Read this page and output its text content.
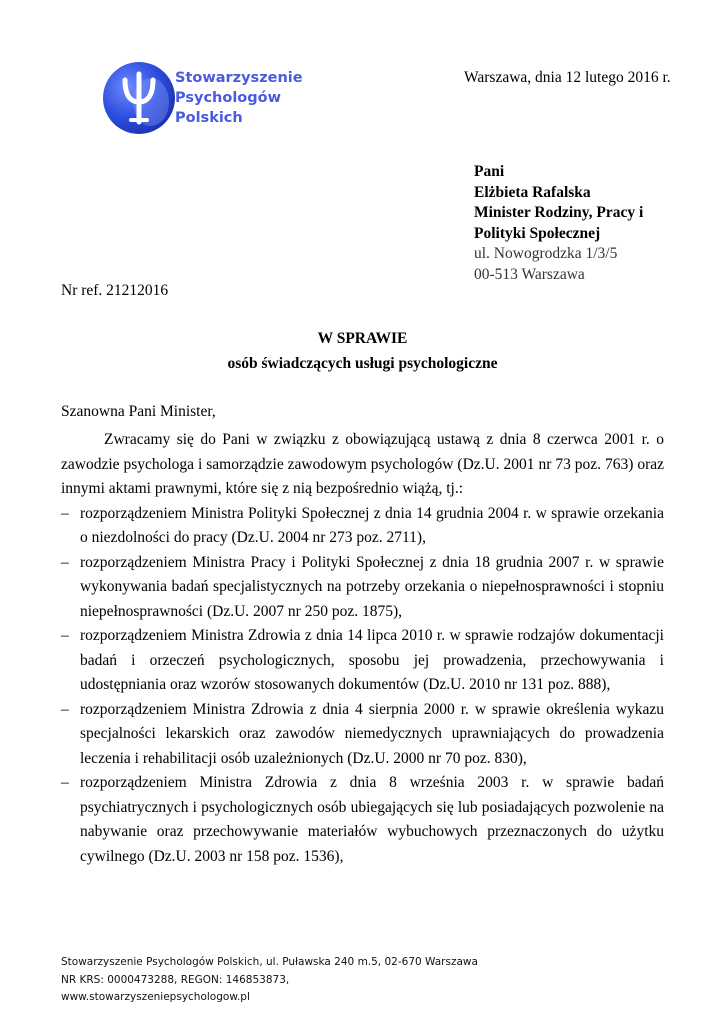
Stowarzyszenie
Psychologów
Polskich
Warszawa, dnia 12 lutego 2016 r.
Pani
Elżbieta Rafalska
Minister Rodziny, Pracy i
Polityki Społecznej
ul. Nowogrodzka 1/3/5
00-513 Warszawa
Nr ref. 21212016
W SPRAWIE
osób świadczących usługi psychologiczne
Szanowna Pani Minister,

Zwracamy się do Pani w związku z obowiązującą ustawą z dnia 8 czerwca 2001 r. o zawodzie psychologa i samorządzie zawodowym psychologów (Dz.U. 2001 nr 73 poz. 763) oraz innymi aktami prawnymi, które się z nią bezpośrednio wiążą, tj.:

– rozporządzeniem Ministra Polityki Społecznej z dnia 14 grudnia 2004 r. w sprawie orzekania o niezdolności do pracy (Dz.U. 2004 nr 273 poz. 2711),
– rozporządzeniem Ministra Pracy i Polityki Społecznej z dnia 18 grudnia 2007 r. w sprawie wykonywania badań specjalistycznych na potrzeby orzekania o niepełnosprawności i stopniu niepełnosprawności (Dz.U. 2007 nr 250 poz. 1875),
– rozporządzeniem Ministra Zdrowia z dnia 14 lipca 2010 r. w sprawie rodzajów dokumentacji badań i orzeczeń psychologicznych, sposobu jej prowadzenia, przechowywania i udostępniania oraz wzorów stosowanych dokumentów (Dz.U. 2010 nr 131 poz. 888),
– rozporządzeniem Ministra Zdrowia z dnia 4 sierpnia 2000 r. w sprawie określenia wykazu specjalności lekarskich oraz zawodów niemedycznych uprawniających do prowadzenia leczenia i rehabilitacji osób uzależnionych (Dz.U. 2000 nr 70 poz. 830),
– rozporządzeniem Ministra Zdrowia z dnia 8 września 2003 r. w sprawie badań psychiatrycznych i psychologicznych osób ubiegających się lub posiadających pozwolenie na nabywanie oraz przechowywanie materiałów wybuchowych przeznaczonych do użytku cywilnego (Dz.U. 2003 nr 158 poz. 1536),
Stowarzyszenie Psychologów Polskich, ul. Puławska 240 m.5, 02-670 Warszawa
NR KRS: 0000473288, REGON: 146853873,
www.stowarzyszeniepsychologow.pl
